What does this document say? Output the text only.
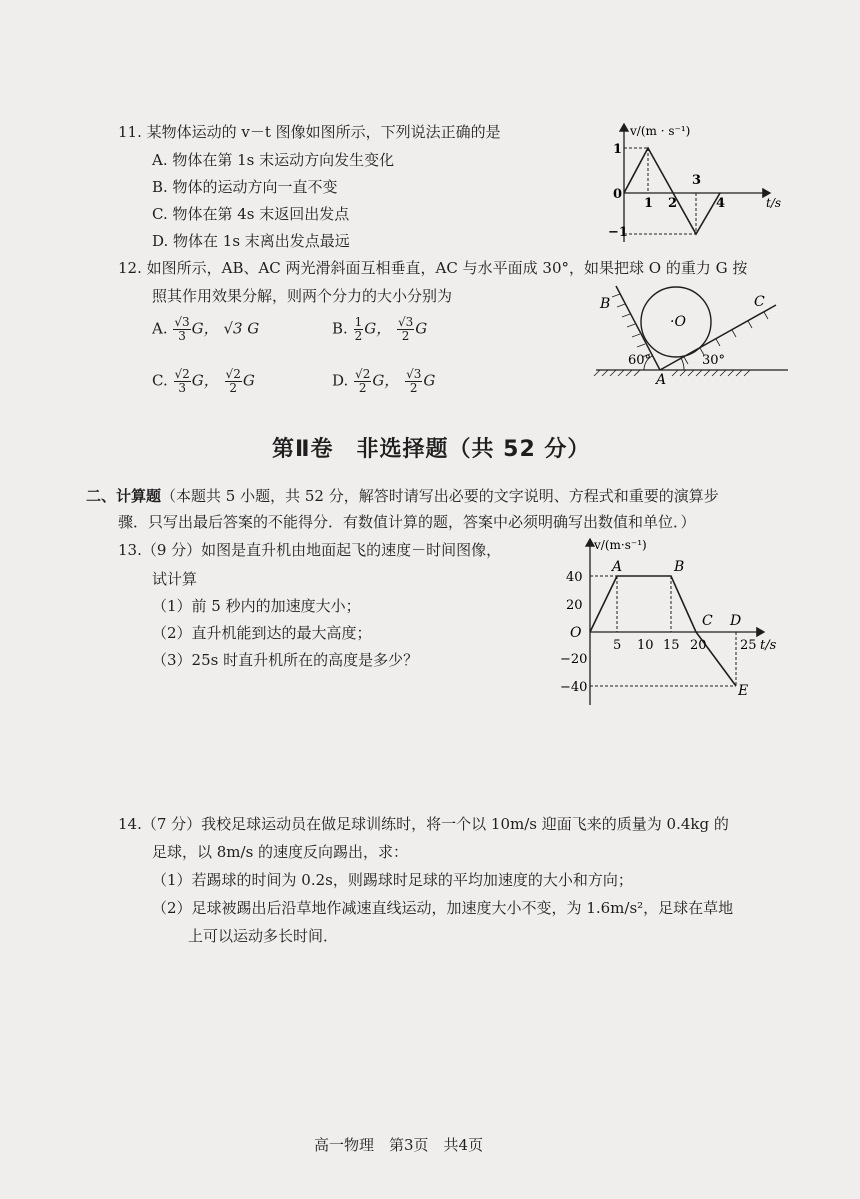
11. 某物体运动的 v－t 图像如图所示，下列说法正确的是
A. 物体在第 1s 末运动方向发生变化
B. 物体的运动方向一直不变
C. 物体在第 4s 末返回出发点
D. 物体在 1s 末离出发点最远
v/(m · s⁻¹)
t/s
0
1
−1
1 2
3
4
12. 如图所示，AB、AC 两光滑斜面互相垂直，AC 与水平面成 30°，如果把球 O 的重力 G 按
照其作用效果分解，则两个分力的大小分别为
A. $\frac{√3}{3}$ G， √3 G	B. $\frac{1}{2}$ G， $\frac{√3}{2}$ G
C. $\frac{√2}{3}$ G， $\frac{√2}{2}$ G	D. $\frac{√2}{2}$ G， $\frac{√3}{2}$ G
·O
60°	30°
B	C
A
第Ⅱ卷　非选择题（共 52 分）
二、计算题（本题共 5 小题，共 52 分，解答时请写出必要的文字说明、方程式和重要的演算步
骤．只写出最后答案的不能得分．有数值计算的题，答案中必须明确写出数值和单位．）
13.（9 分）如图是直升机由地面起飞的速度－时间图像，
试计算
（1）前 5 秒内的加速度大小；
（2）直升机能到达的最大高度；
（3）25s 时直升机所在的高度是多少？
v/(m·s⁻¹)
t/s
O
40
20
−20
−40
5 10 15 20	25
A	B
C D
E
14.（7 分）我校足球运动员在做足球训练时，将一个以 10m/s 迎面飞来的质量为 0.4kg 的
足球，以 8m/s 的速度反向踢出，求：
（1）若踢球的时间为 0.2s，则踢球时足球的平均加速度的大小和方向；
（2）足球被踢出后沿草地作减速直线运动，加速度大小不变，为 1.6m/s²，足球在草地
上可以运动多长时间．
高一物理　第3页　共4页
